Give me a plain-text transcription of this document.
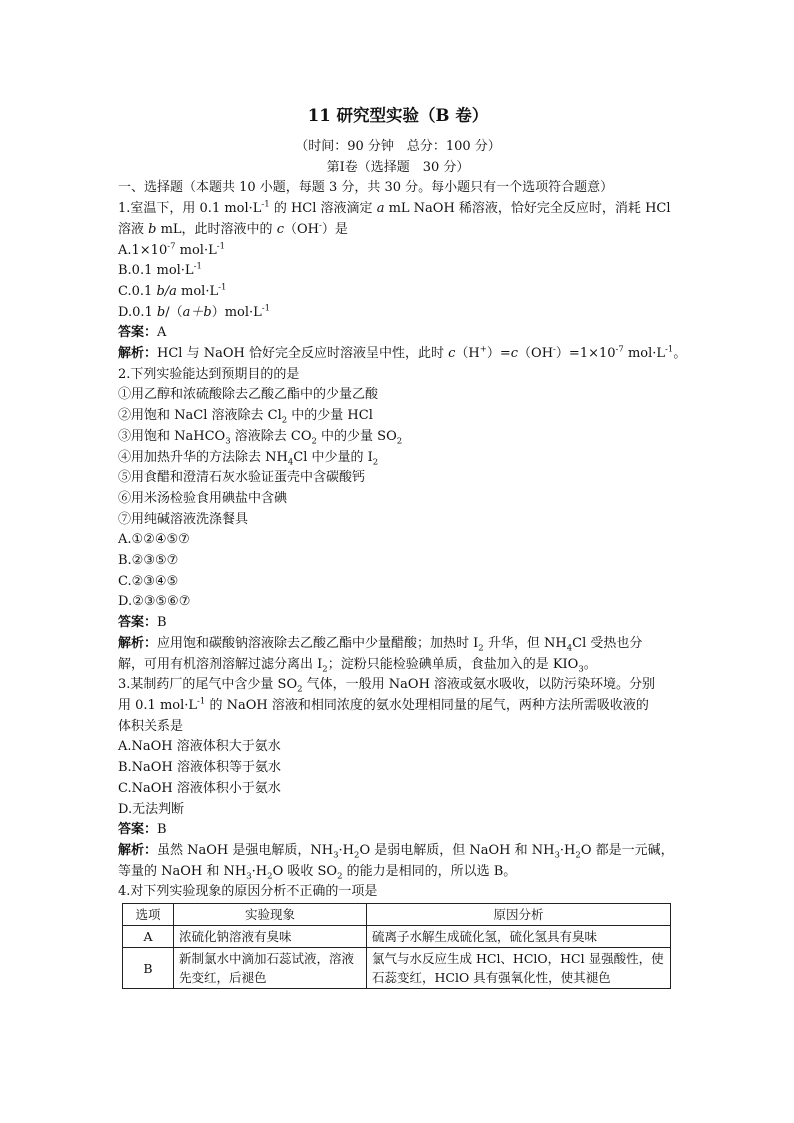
11 研究型实验（B 卷）
（时间：90 分钟　总分：100 分）
第Ⅰ卷（选择题　30 分）
一、选择题（本题共 10 小题，每题 3 分，共 30 分。每小题只有一个选项符合题意）
1.室温下，用 0.1 $mol\cdot L^{-1}$ 的 HCl 溶液滴定 a mL NaOH 稀溶液，恰好完全反应时，消耗 HCl
溶液 b mL，此时溶液中的 c（OH-）是
$A.1\times 10^{-7}$ $mol\cdot L^{-1}$
B.0.1 $mol\cdot L^{-1}$
C.0.1 b/a $mol\cdot L^{-1}$
D.0.1 $b/(a+b)mol\cdot L^{-1}$
答案：A
解析：HCl 与 NaOH 恰好完全反应时溶液呈中性，此时 $c(H^+)=c(OH^-)=1\times 10^{-7}$ $mol\cdot L^{-1}$。
2.下列实验能达到预期目的的是
①用乙醇和浓硫酸除去乙酸乙酯中的少量乙酸
②用饱和 NaCl 溶液除去 $Cl_2$ 中的少量 HCl
③用饱和 NaHCO$_3$ 溶液除去 $CO_2$ 中的少量 $SO_2$
④用加热升华的方法除去 $NH_4Cl$ 中少量的 $I_2$
⑤用食醋和澄清石灰水验证蛋壳中含碳酸钙
⑥用米汤检验食用碘盐中含碘
⑦用纯碱溶液洗涤餐具
A.①②④⑤⑦
B.②③⑤⑦
C.②③④⑤
D.②③⑤⑥⑦
答案：B
解析：应用饱和碳酸钠溶液除去乙酸乙酯中少量醋酸；加热时 $I_2$ 升华，但 $NH_4Cl$ 受热也分
解，可用有机溶剂溶解过滤分离出 $I_2$；淀粉只能检验碘单质，食盐加入的是 $KIO_3$。
3.某制药厂的尾气中含少量 $SO_2$ 气体，一般用 NaOH 溶液或氨水吸收，以防污染环境。分别
用 0.1 $mol\cdot L^{-1}$ 的 NaOH 溶液和相同浓度的氨水处理相同量的尾气，两种方法所需吸收液的
体积关系是
A.NaOH 溶液体积大于氨水
B.NaOH 溶液体积等于氨水
C.NaOH 溶液体积小于氨水
D.无法判断
答案：B
解析：虽然 NaOH 是强电解质，$NH_3\cdot H_2O$ 是弱电解质，但 NaOH 和 $NH_3\cdot H_2O$ 都是一元碱，
等量的 NaOH 和 $NH_3\cdot H_2O$ 吸收 $SO_2$ 的能力是相同的，所以选 B。
4.对下列实验现象的原因分析不正确的一项是
选项	实验现象	原因分析
A	浓硫化钠溶液有臭味	硫离子水解生成硫化氢，硫化氢具有臭味
B	新制氯水中滴加石蕊试液，溶液先变红，后褪色	氯气与水反应生成 HCl、HClO，HCl 显强酸性，使石蕊变红，HClO 具有强氧化性，使其褪色
